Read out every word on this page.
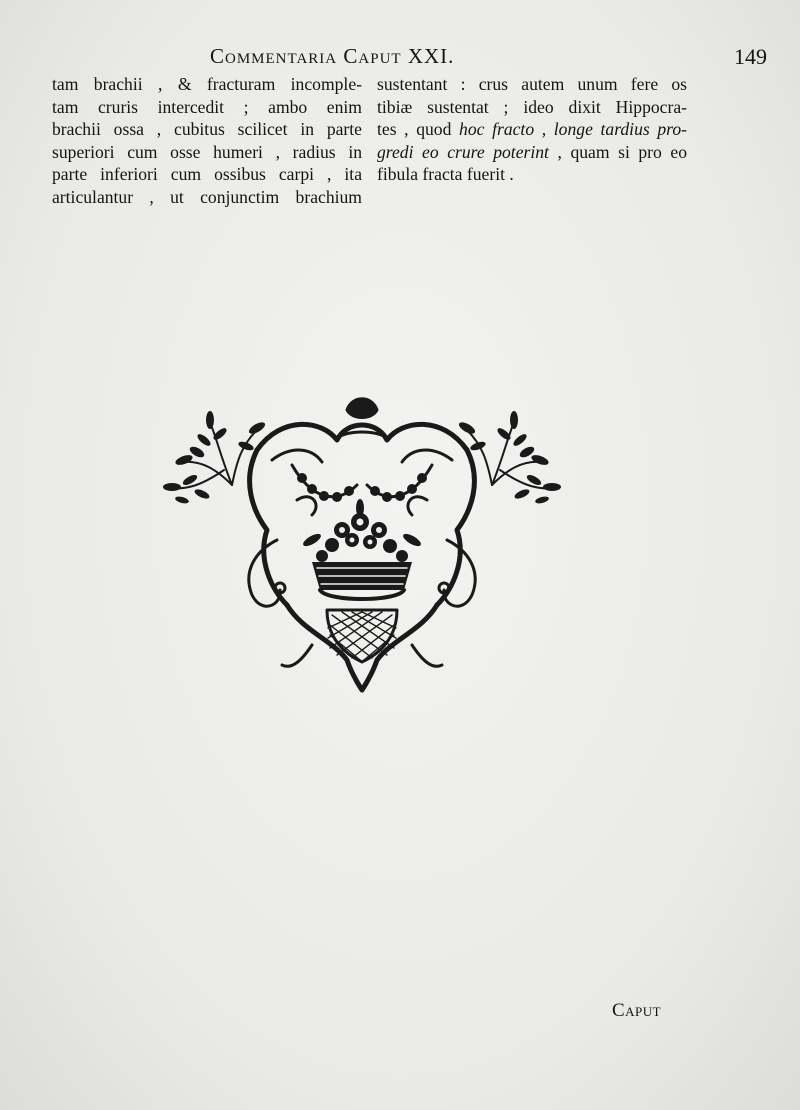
Commentaria Caput XXI.	149
tam brachii , & fracturam incomple-
tam cruris intercedit ; ambo enim
brachii ossa , cubitus scilicet in parte
superiori cum osse humeri , radius in
parte inferiori cum ossibus carpi , ita
articulantur , ut conjunctim brachium
sustentant : crus autem unum fere os
tibiæ sustentat ; ideo dixit Hippocra-
tes , quod hoc fracto , longe tardius pro-
gredi eo crure poterint , quam si pro eo
fibula fracta fuerit .
Caput
